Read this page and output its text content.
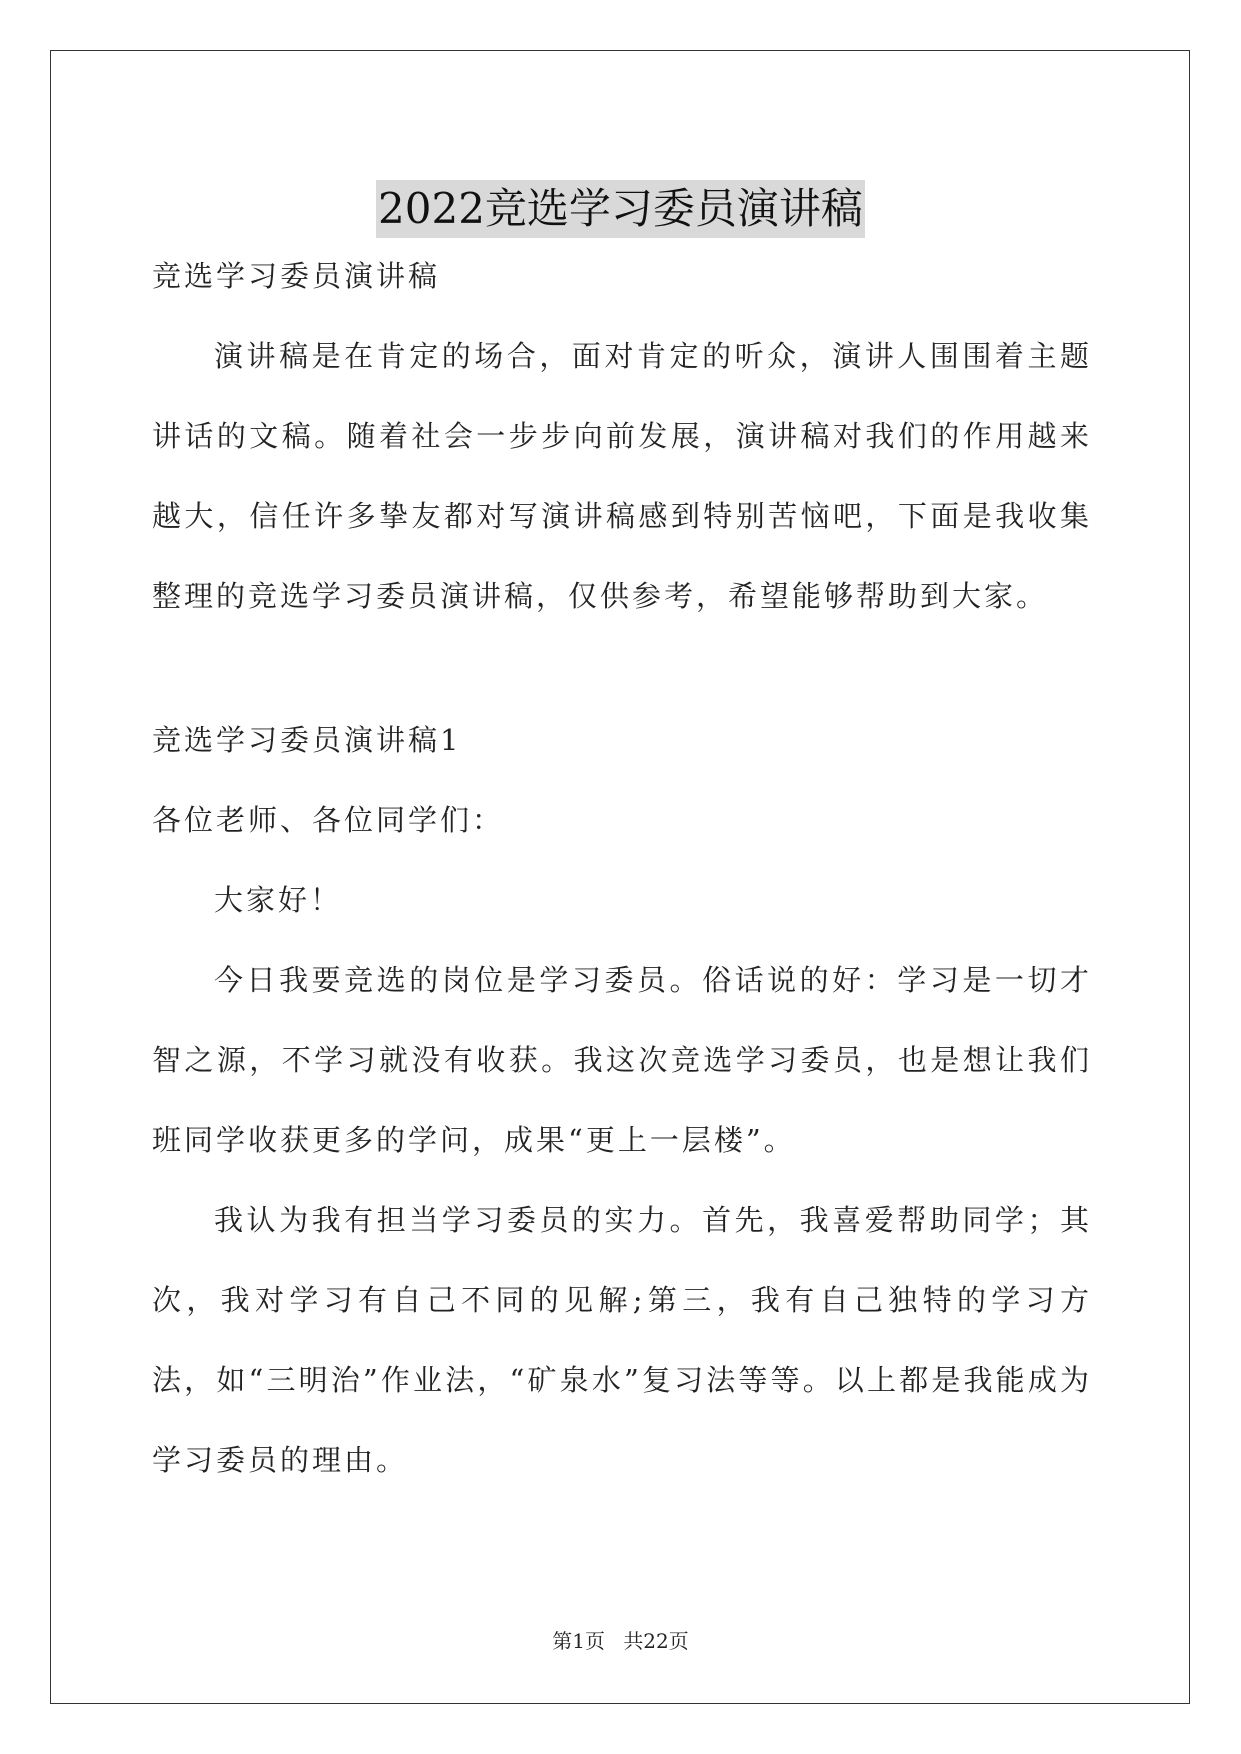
2022竞选学习委员演讲稿

竞选学习委员演讲稿

演讲稿是在肯定的场合，面对肯定的听众，演讲人围围着主题讲话的文稿。随着社会一步步向前发展，演讲稿对我们的作用越来越大，信任许多挚友都对写演讲稿感到特别苦恼吧，下面是我收集整理的竞选学习委员演讲稿，仅供参考，希望能够帮助到大家。

竞选学习委员演讲稿1

各位老师、各位同学们：

大家好！

今日我要竞选的岗位是学习委员。俗话说的好：学习是一切才智之源，不学习就没有收获。我这次竞选学习委员，也是想让我们班同学收获更多的学问，成果“更上一层楼”。

我认为我有担当学习委员的实力。首先，我喜爱帮助同学；其次，我对学习有自己不同的见解;第三，我有自己独特的学习方法，如“三明治”作业法，“矿泉水”复习法等等。以上都是我能成为学习委员的理由。

第1页 共22页
